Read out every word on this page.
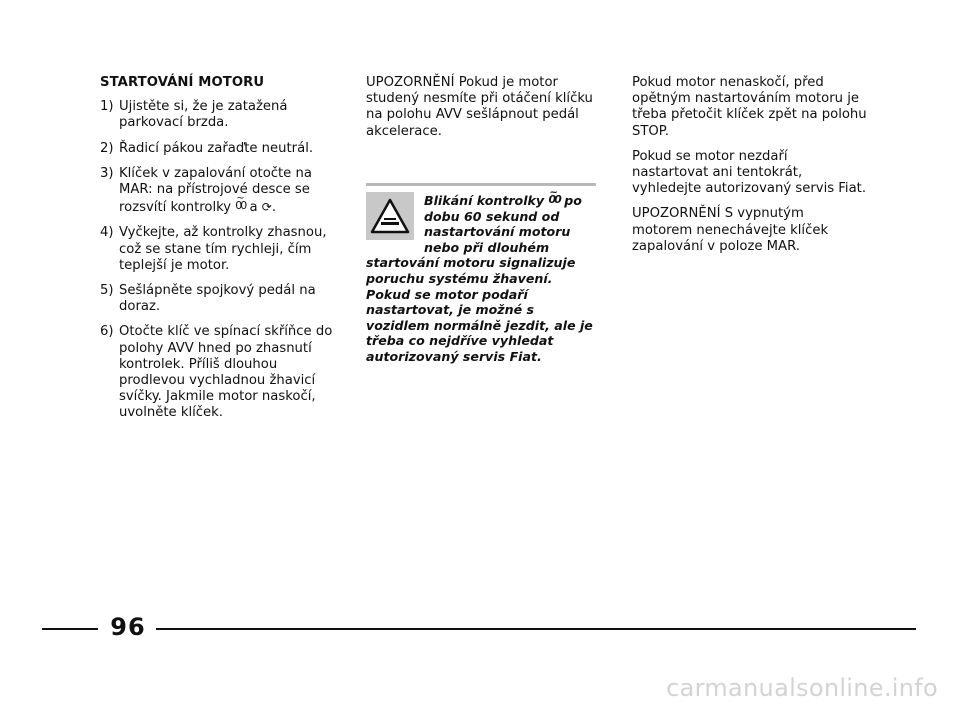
STARTOVÁNÍ MOTORU
1) Ujistěte si, že je zatažená parkovací brzda.
2) Řadicí pákou zařaďte neutrál.
3) Klíček v zapalování otočte na MAR: na přístrojové desce se rozsvítí kontrolky 00 ~ a ⟳.
4) Vyčkejte, až kontrolky zhasnou, což se stane tím rychleji, čím teplejší je motor.
5) Sešlápněte spojkový pedál na doraz.
6) Otočte klíč ve spínací skříňce do polohy AVV hned po zhasnutí kontrolek. Příliš dlouhou prodlevou vychladnou žhavicí svíčky. Jakmile motor naskočí, uvolněte klíček.

UPOZORNĚNÍ Pokud je motor studený nesmíte při otáčení klíčku na polohu AVV sešlápnout pedál akcelerace.

Blikání kontrolky 00 ~ po dobu 60 sekund od nastartování motoru nebo při dlouhém startování motoru signalizuje poruchu systému žhavení.

Pokud se motor podaří nastartovat, je možné s vozidlem normálně jezdit, ale je třeba co nejdříve vyhledat autorizovaný servis Fiat.

Pokud motor nenaskočí, před opětným nastartováním motoru je třeba přetočit klíček zpět na polohu STOP.

Pokud se motor nezdaří nastartovat ani tentokrát, vyhledejte autorizovaný servis Fiat.

UPOZORNĚNÍ S vypnutým motorem nenechávejte klíček zapalování v poloze MAR.

96
carmanualsonline.info
